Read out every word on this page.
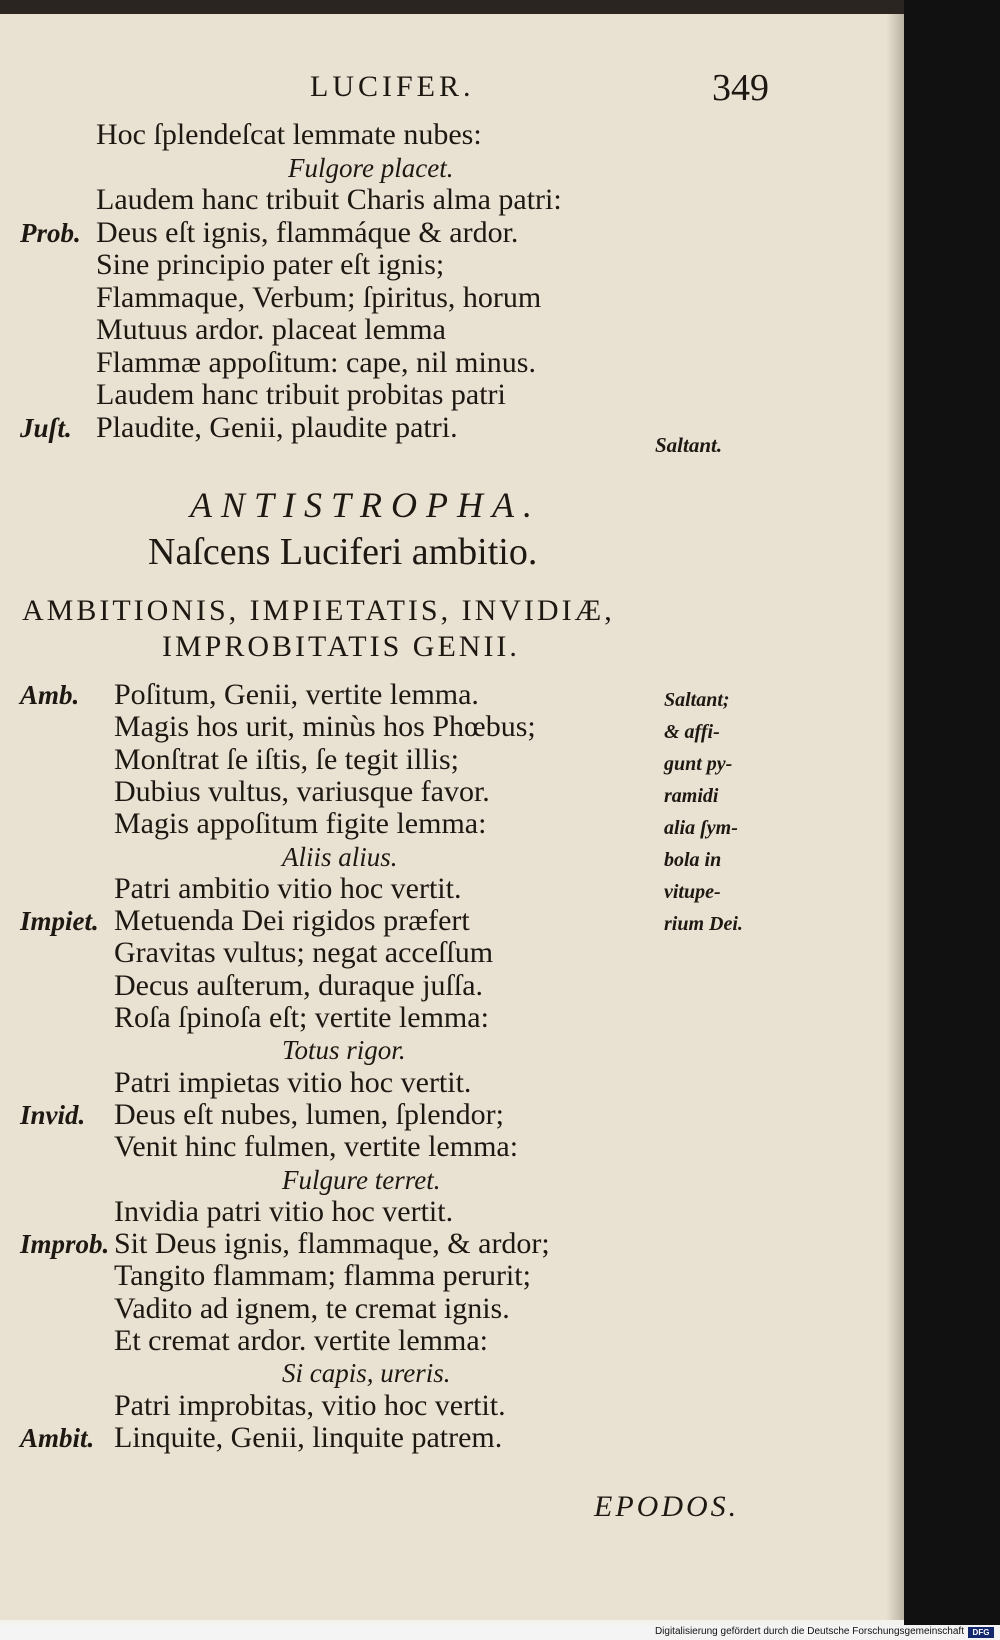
LUCIFER.	349
Hoc ſplendeſcat lemmate nubes:
Fulgore placet.
Laudem hanc tribuit Charis alma patri:
Prob. Deus eſt ignis, flammáque & ardor.
Sine principio pater eſt ignis;
Flammaque, Verbum; ſpiritus, horum
Mutuus ardor. placeat lemma
Flammæ appoſitum: cape, nil minus.
Laudem hanc tribuit probitas patri
Juſt. Plaudite, Genii, plaudite patri.
Saltant.
ANTISTROPHA.
Naſcens Luciferi ambitio.
AMBITIONIS, IMPIETATIS, INVIDIÆ,
IMPROBITATIS GENII.
Amb. Poſitum, Genii, vertite lemma.
Magis hos urit, minùs hos Phœbus;
Monſtrat ſe iſtis, ſe tegit illis;
Dubius vultus, variusque favor.
Magis appoſitum figite lemma:
Aliis alius.
Patri ambitio vitio hoc vertit.
Impiet. Metuenda Dei rigidos præfert
Gravitas vultus; negat acceſſum
Decus auſterum, duraque juſſa.
Roſa ſpinoſa eſt; vertite lemma:
Totus rigor.
Patri impietas vitio hoc vertit.
Invid. Deus eſt nubes, lumen, ſplendor;
Venit hinc fulmen, vertite lemma:
Fulgure terret.
Invidia patri vitio hoc vertit.
Improb. Sit Deus ignis, flammaque, & ardor;
Tangito flammam; flamma perurit;
Vadito ad ignem, te cremat ignis.
Et cremat ardor. vertite lemma:
Si capis, ureris.
Patri improbitas, vitio hoc vertit.
Ambit. Linquite, Genii, linquite patrem.
Saltant;
& affi-
gunt py-
ramidi
alia ſym-
bola in
vitupe-
rium Dei.
EPODOS.
Digitalisierung gefördert durch die Deutsche Forschungsgemeinschaft	DFG
